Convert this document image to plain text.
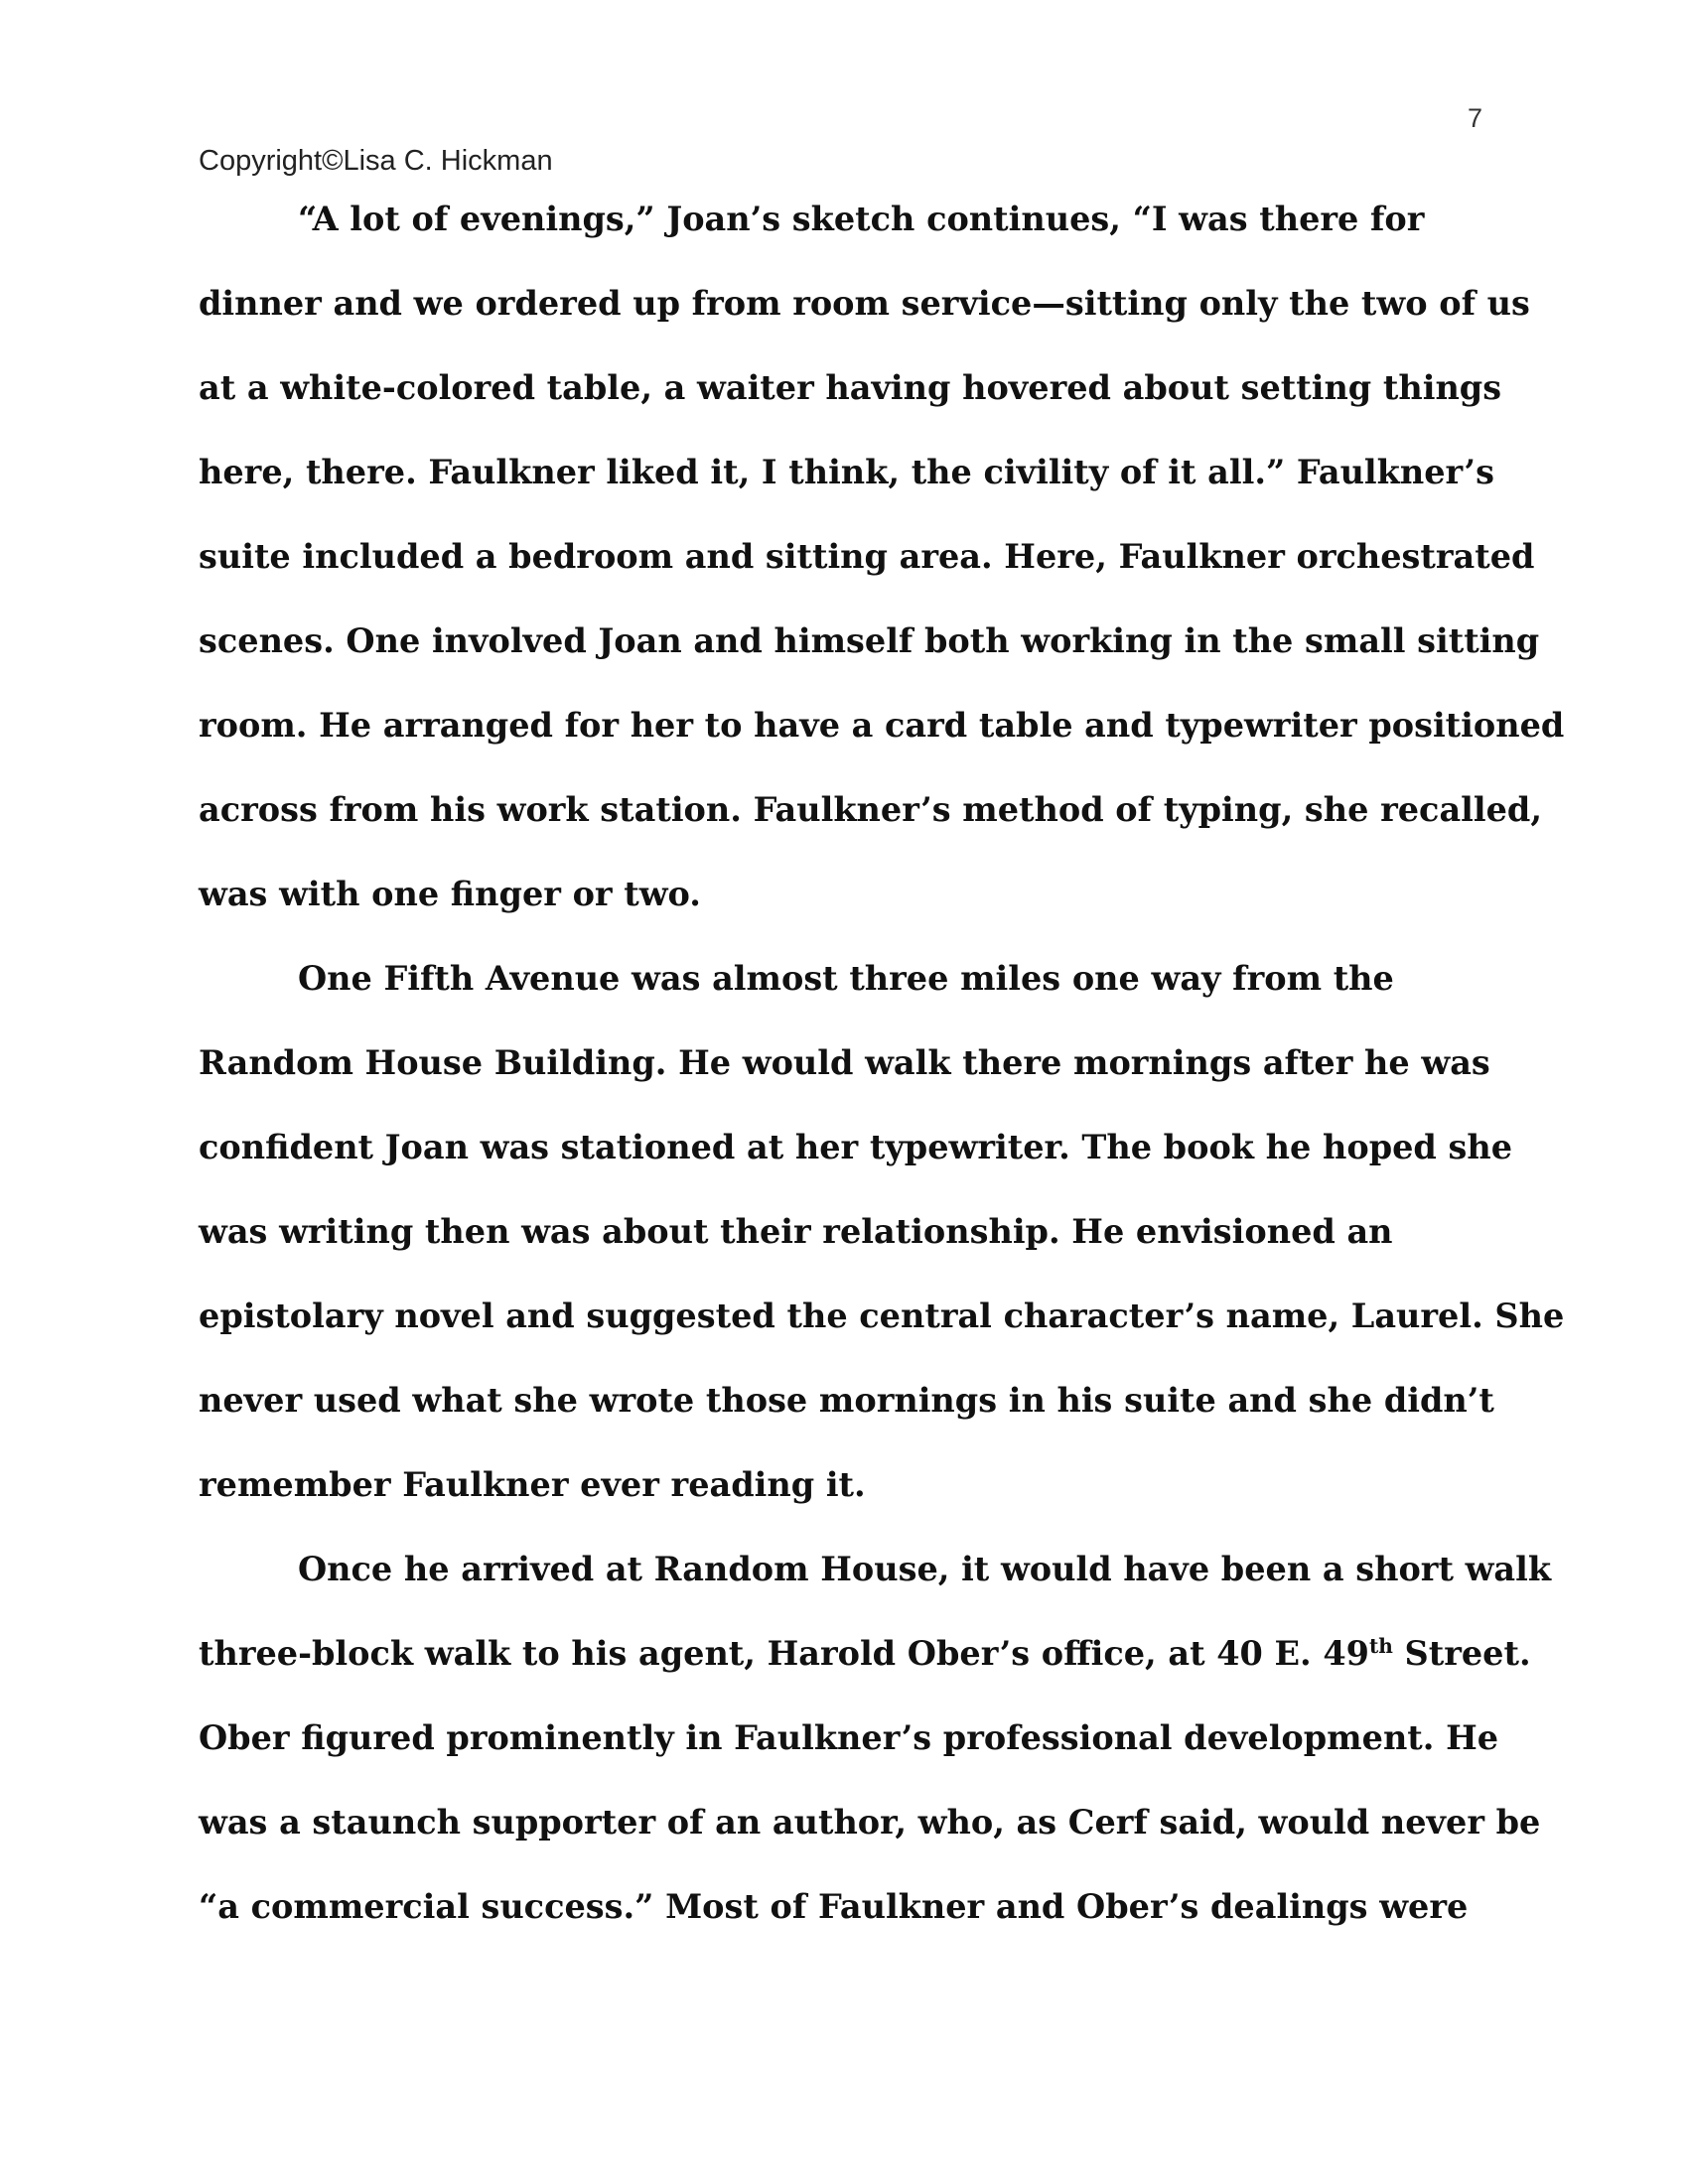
7
Copyright©Lisa C. Hickman
“A lot of evenings,” Joan’s sketch continues, “I was there for
dinner and we ordered up from room service—sitting only the two of us
at a white-colored table, a waiter having hovered about setting things
here, there. Faulkner liked it, I think, the civility of it all.” Faulkner’s
suite included a bedroom and sitting area. Here, Faulkner orchestrated
scenes. One involved Joan and himself both working in the small sitting
room. He arranged for her to have a card table and typewriter positioned
across from his work station. Faulkner’s method of typing, she recalled,
was with one finger or two.
One Fifth Avenue was almost three miles one way from the
Random House Building. He would walk there mornings after he was
confident Joan was stationed at her typewriter. The book he hoped she
was writing then was about their relationship. He envisioned an
epistolary novel and suggested the central character’s name, Laurel. She
never used what she wrote those mornings in his suite and she didn’t
remember Faulkner ever reading it.
Once he arrived at Random House, it would have been a short walk
three-block walk to his agent, Harold Ober’s office, at 40 E. 49th Street.
Ober figured prominently in Faulkner’s professional development. He
was a staunch supporter of an author, who, as Cerf said, would never be
“a commercial success.” Most of Faulkner and Ober’s dealings were
